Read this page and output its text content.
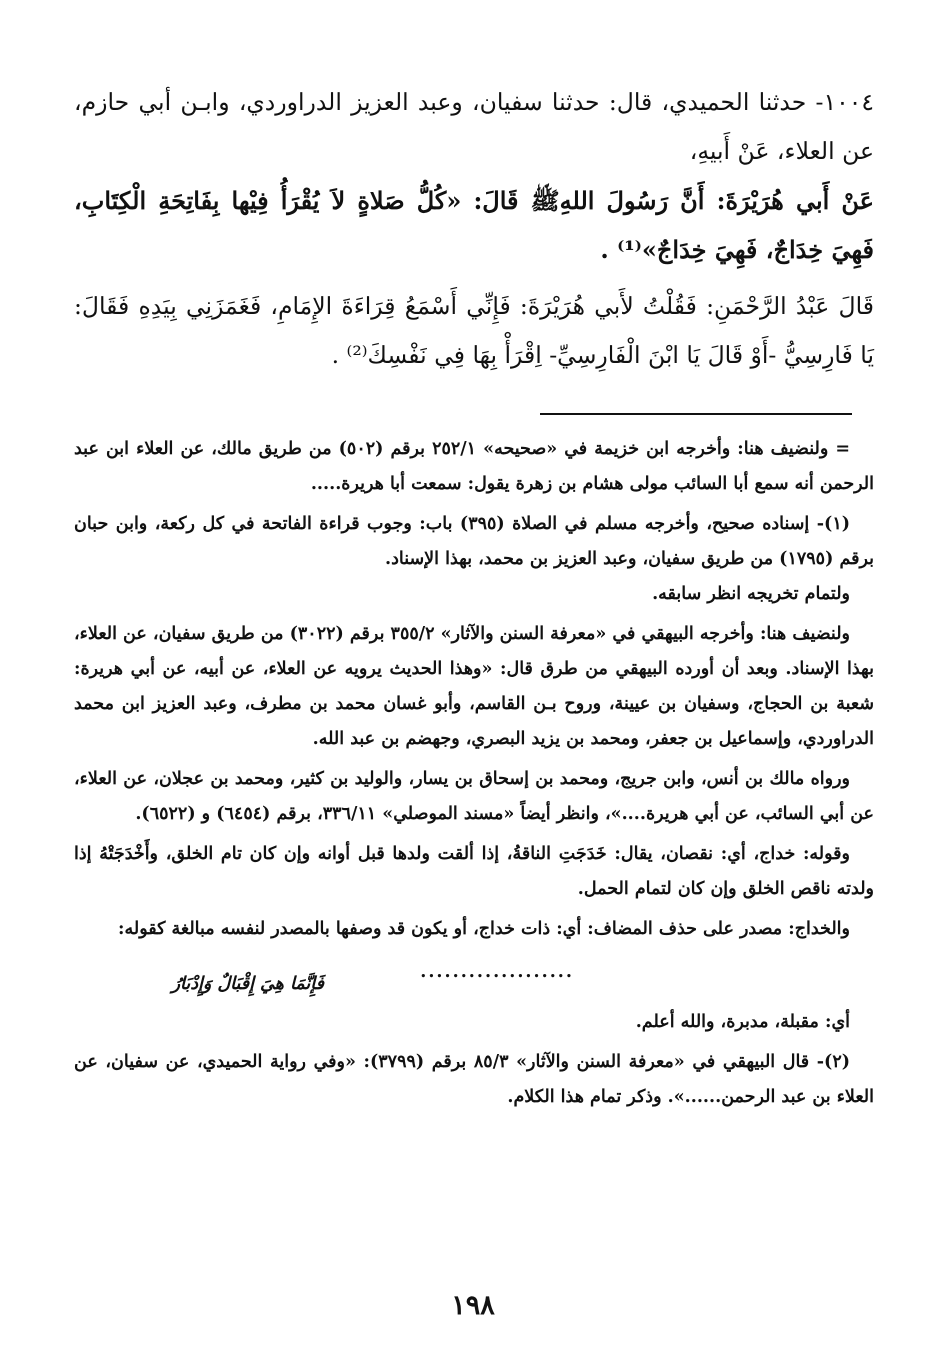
١٠٠٤- حدثنا الحميدي، قال: حدثنا سفيان، وعبد العزيز الدراوردي، وابـن أبي حازم، عن العلاء، عَنْ أَبيهِ،

عَنْ أَبي هُرَيْرَةَ: أَنَّ رَسُولَ اللهِﷺ قَالَ: «كُلُّ صَلاةٍ لاَ يُقْرَأُ فِيْها بِفَاتِحَةِ الْكِتَابِ، فَهِيَ خِدَاجٌ، فَهِيَ خِدَاجٌ»⁽¹⁾ .

قَالَ عَبْدُ الرَّحْمَنِ: فَقُلْتُ لأَبي هُرَيْرَةَ: فَإِنِّي أَسْمَعُ قِرَاءَةَ الإِمَامِ، فَغَمَزَنِي بِيَدِهِ فَقَالَ: يَا فَارِسِيُّ -أَوْ قَالَ يَا ابْنَ الْفَارِسِيِّ- اِقْرَأْ بِهَا فِي نَفْسِكَ⁽²⁾ .

= ولنضيف هنا: وأخرجه ابن خزيمة في «صحيحه» ٢٥٢/١ برقم (٥٠٢) من طريق مالك، عن العلاء ابن عبد الرحمن أنه سمع أبا السائب مولى هشام بن زهرة يقول: سمعت أبا هريرة.....

(١)- إسناده صحيح، وأخرجه مسلم في الصلاة (٣٩٥) باب: وجوب قراءة الفاتحة في كل ركعة، وابن حبان برقم (١٧٩٥) من طريق سفيان، وعبد العزيز بن محمد، بهذا الإسناد.

ولتمام تخريجه انظر سابقه.

ولنضيف هنا: وأخرجه البيهقي في «معرفة السنن والآثار» ٣٥٥/٢ برقم (٣٠٢٢) من طريق سفيان، عن العلاء، بهذا الإسناد. وبعد أن أورده البيهقي من طرق قال: «وهذا الحديث يرويه عن العلاء، عن أبيه، عن أبي هريرة: شعبة بن الحجاج، وسفيان بن عيينة، وروح بـن القاسم، وأبو غسان محمد بن مطرف، وعبد العزيز ابن محمد الدراوردي، وإسماعيل بن جعفر، ومحمد بن يزيد البصري، وجهضم بن عبد الله.

ورواه مالك بن أنس، وابن جريج، ومحمد بن إسحاق بن يسار، والوليد بن كثير، ومحمد بن عجلان، عن العلاء، عن أبي السائب، عن أبي هريرة....»، وانظر أيضاً «مسند الموصلي» ٣٣٦/١١، برقم (٦٤٥٤) و (٦٥٢٢).

وقوله: خداج، أي: نقصان، يقال: خَدَجَتِ الناقةُ، إذا ألقت ولدها قبل أوانه وإن كان تام الخلق، وأَخْدَجَتْهُ إذا ولدته ناقص الخلق وإن كان لتمام الحمل.

والخداج: مصدر على حذف المضاف: أي: ذات خداج، أو يكون قد وصفها بالمصدر لنفسه مبالغة كقوله:

...................
فَإِنَّمَا هِيَ إِقْبَالٌ وَإِدْبَارُ

أي: مقبلة، مدبرة، والله أعلم.

(٢)- قال البيهقي في «معرفة السنن والآثار» ٨٥/٣ برقم (٣٧٩٩): «وفي رواية الحميدي، عن سفيان، عن العلاء بن عبد الرحمن......». وذكر تمام هذا الكلام.

١٩٨
